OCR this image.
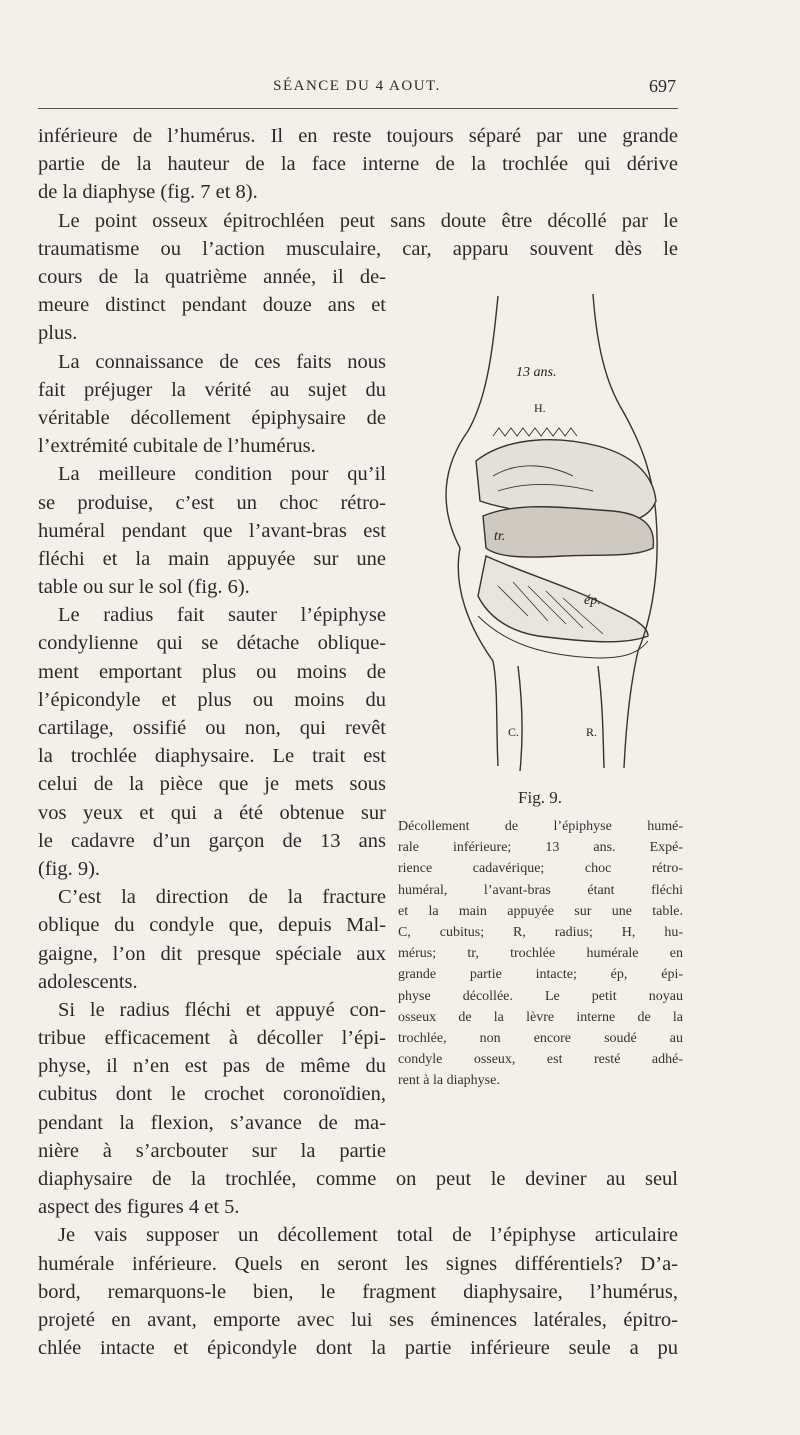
SÉANCE DU 4 AOUT.	697
inférieure de l’humérus. Il en reste toujours séparé par une grande
partie de la hauteur de la face interne de la trochlée qui dérive
de la diaphyse (fig. 7 et 8).
Le point osseux épitrochléen peut sans doute être décollé par le
traumatisme ou l’action musculaire, car, apparu souvent dès le
cours de la quatrième année, il de-
meure distinct pendant douze ans et
plus.
La connaissance de ces faits nous
fait préjuger la vérité au sujet du
véritable décollement épiphysaire de
l’extrémité cubitale de l’humérus.
La meilleure condition pour qu’il
se produise, c’est un choc rétro-
huméral pendant que l’avant-bras est
fléchi et la main appuyée sur une
table ou sur le sol (fig. 6).
Le radius fait sauter l’épiphyse
condylienne qui se détache oblique-
ment emportant plus ou moins de
l’épicondyle et plus ou moins du
cartilage, ossifié ou non, qui revêt
la trochlée diaphysaire. Le trait est
celui de la pièce que je mets sous
vos yeux et qui a été obtenue sur
le cadavre d’un garçon de 13 ans
(fig. 9).
C’est la direction de la fracture
oblique du condyle que, depuis Mal-
gaigne, l’on dit presque spéciale aux
adolescents.
Si le radius fléchi et appuyé con-
tribue efficacement à décoller l’épi-
physe, il n’en est pas de même du
cubitus dont le crochet coronoïdien,
pendant la flexion, s’avance de ma-
nière à s’arcbouter sur la partie
13 ans.
H.
tr.
ép.
C.	R.
Fig. 9.
Décollement de l’épiphyse humé-
rale inférieure; 13 ans. Expé-
rience cadavérique; choc rétro-
huméral, l’avant-bras étant fléchi
et la main appuyée sur une table.
C, cubitus; R, radius; H, hu-
mérus; tr, trochlée humérale en
grande partie intacte; ép, épi-
physe décollée. Le petit noyau
osseux de la lèvre interne de la
trochlée, non encore soudé au
condyle osseux, est resté adhé-
rent à la diaphyse.
diaphysaire de la trochlée, comme on peut le deviner au seul
aspect des figures 4 et 5.
Je vais supposer un décollement total de l’épiphyse articulaire
humérale inférieure. Quels en seront les signes différentiels? D’a-
bord, remarquons-le bien, le fragment diaphysaire, l’humérus,
projeté en avant, emporte avec lui ses éminences latérales, épitro-
chlée intacte et épicondyle dont la partie inférieure seule a pu
